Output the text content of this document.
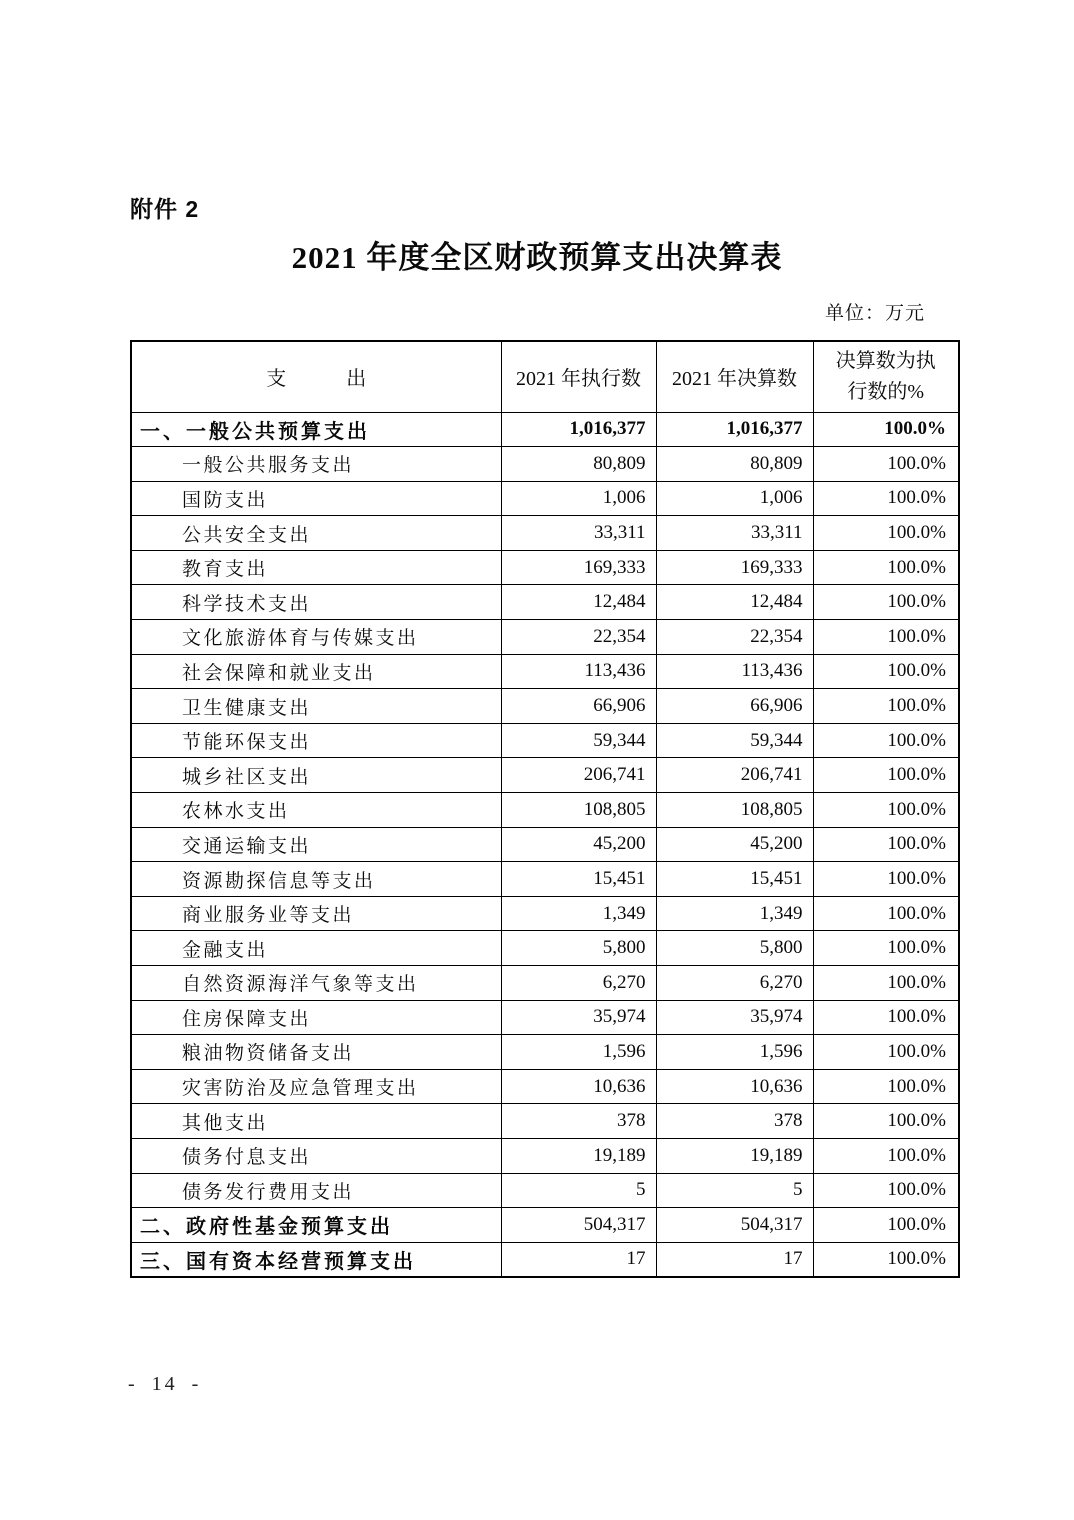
附件 2
2021 年度全区财政预算支出决算表
单位：万元
支　　　出	2021 年执行数	2021 年决算数	决算数为执行数的%
一、一般公共预算支出	1,016,377	1,016,377	100.0%
一般公共服务支出	80,809	80,809	100.0%
国防支出	1,006	1,006	100.0%
公共安全支出	33,311	33,311	100.0%
教育支出	169,333	169,333	100.0%
科学技术支出	12,484	12,484	100.0%
文化旅游体育与传媒支出	22,354	22,354	100.0%
社会保障和就业支出	113,436	113,436	100.0%
卫生健康支出	66,906	66,906	100.0%
节能环保支出	59,344	59,344	100.0%
城乡社区支出	206,741	206,741	100.0%
农林水支出	108,805	108,805	100.0%
交通运输支出	45,200	45,200	100.0%
资源勘探信息等支出	15,451	15,451	100.0%
商业服务业等支出	1,349	1,349	100.0%
金融支出	5,800	5,800	100.0%
自然资源海洋气象等支出	6,270	6,270	100.0%
住房保障支出	35,974	35,974	100.0%
粮油物资储备支出	1,596	1,596	100.0%
灾害防治及应急管理支出	10,636	10,636	100.0%
其他支出	378	378	100.0%
债务付息支出	19,189	19,189	100.0%
债务发行费用支出	5	5	100.0%
二、政府性基金预算支出	504,317	504,317	100.0%
三、国有资本经营预算支出	17	17	100.0%
- 14 -
